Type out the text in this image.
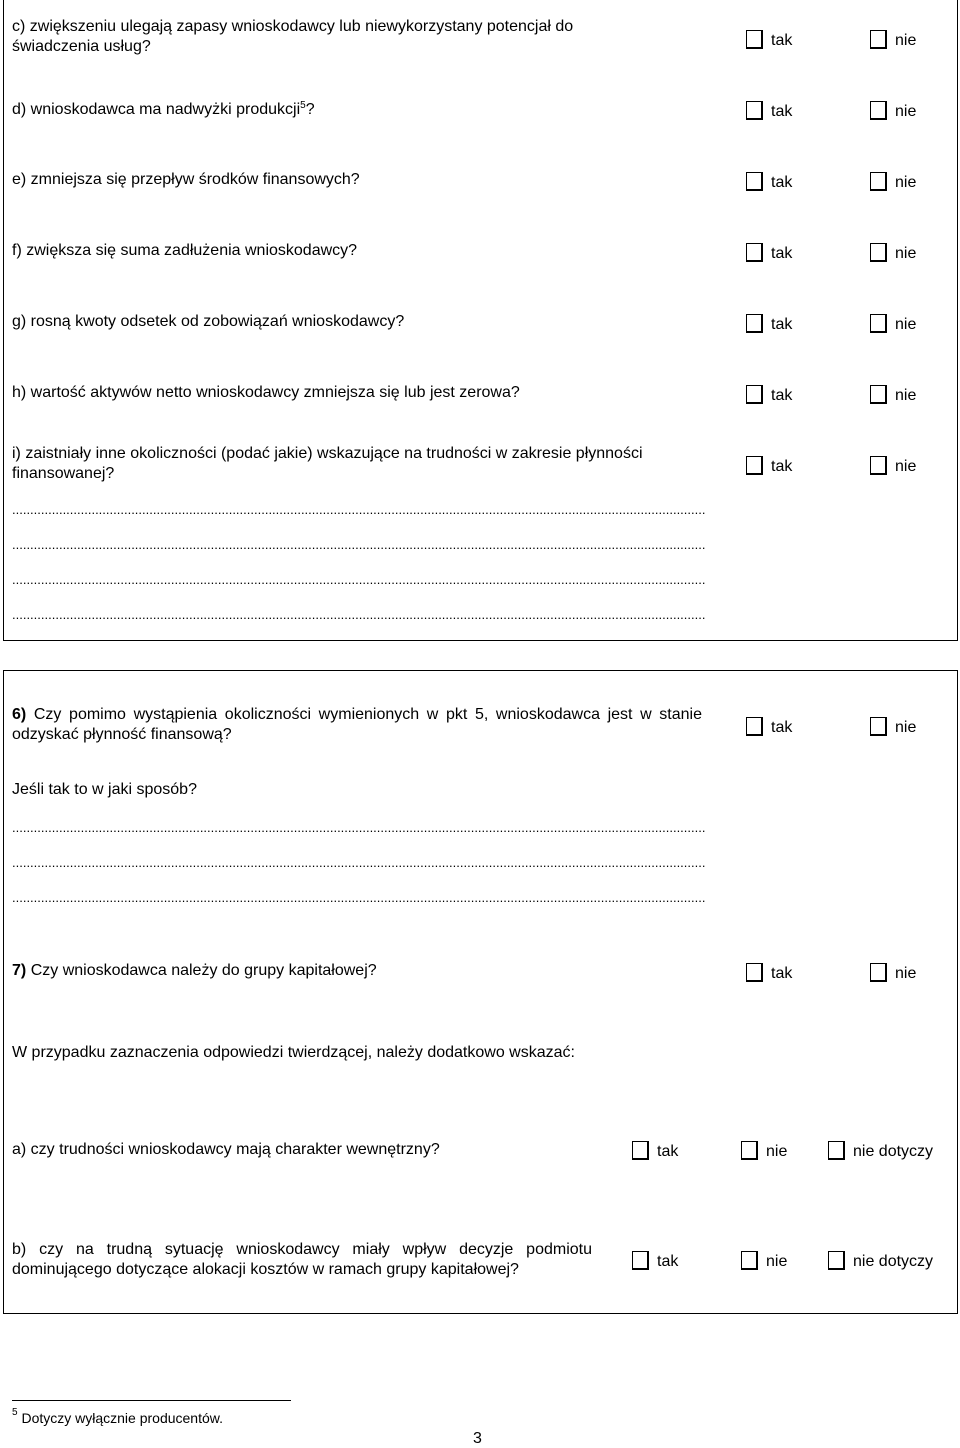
c) zwiększeniu ulegają zapasy wnioskodawcy lub niewykorzystany potencjał do świadczenia usług?	tak	nie
d) wnioskodawca ma nadwyżki produkcji$^5$?	tak	nie
e) zmniejsza się przepływ środków finansowych?	tak	nie
f) zwiększa się suma zadłużenia wnioskodawcy?	tak	nie
g) rosną kwoty odsetek od zobowiązań wnioskodawcy?	tak	nie
h) wartość aktywów netto wnioskodawcy zmniejsza się lub jest zerowa?	tak	nie
i) zaistniały inne okoliczności (podać jakie) wskazujące na trudności w zakresie płynności finansowanej?	tak	nie
................................................................................................................................................................................................
................................................................................................................................................................................................
................................................................................................................................................................................................
................................................................................................................................................................................................
6) Czy pomimo wystąpienia okoliczności wymienionych w pkt 5, wnioskodawca jest w stanie odzyskać płynność finansową?	tak	nie
Jeśli tak to w jaki sposób?
................................................................................................................................................................................................
................................................................................................................................................................................................
................................................................................................................................................................................................
7) Czy wnioskodawca należy do grupy kapitałowej?	tak	nie
W przypadku zaznaczenia odpowiedzi twierdzącej, należy dodatkowo wskazać:
a) czy trudności wnioskodawcy mają charakter wewnętrzny?	tak	nie	nie dotyczy
b) czy na trudną sytuację wnioskodawcy miały wpływ decyzje podmiotu dominującego dotyczące alokacji kosztów w ramach grupy kapitałowej?	tak	nie	nie dotyczy
$^5$ Dotyczy wyłącznie producentów.
3
